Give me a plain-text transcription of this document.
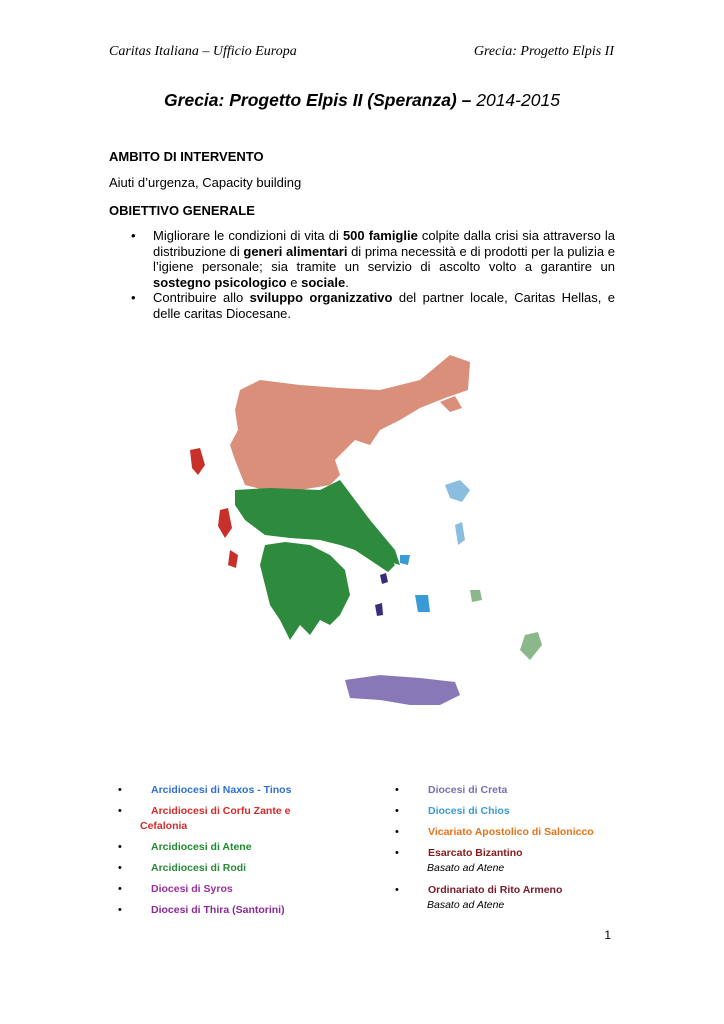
Caritas Italiana – Ufficio Europa	Grecia: Progetto Elpis II
Grecia: Progetto Elpis II (Speranza) – 2014-2015
AMBITO DI INTERVENTO
Aiuti d’urgenza, Capacity building
OBIETTIVO GENERALE
• Migliorare le condizioni di vita di 500 famiglie colpite dalla crisi sia attraverso la distribuzione di generi alimentari di prima necessità e di prodotti per la pulizia e l’igiene personale; sia tramite un servizio di ascolto volto a garantire un sostegno psicologico e sociale.
• Contribuire allo sviluppo organizzativo del partner locale, Caritas Hellas, e delle caritas Diocesane.
•	Arcidiocesi di Naxos - Tinos
•	Arcidiocesi di Corfu Zante e
Cefalonia
•	Arcidiocesi di Atene
•	Arcidiocesi di Rodi
•	Diocesi di Syros
•	Diocesi di Thira (Santorini)
•	Diocesi di Creta
•	Diocesi di Chios
•	Vicariato Apostolico di Salonicco
•	Esarcato Bizantino
Basato ad Atene
•	Ordinariato di Rito Armeno
Basato ad Atene
1
